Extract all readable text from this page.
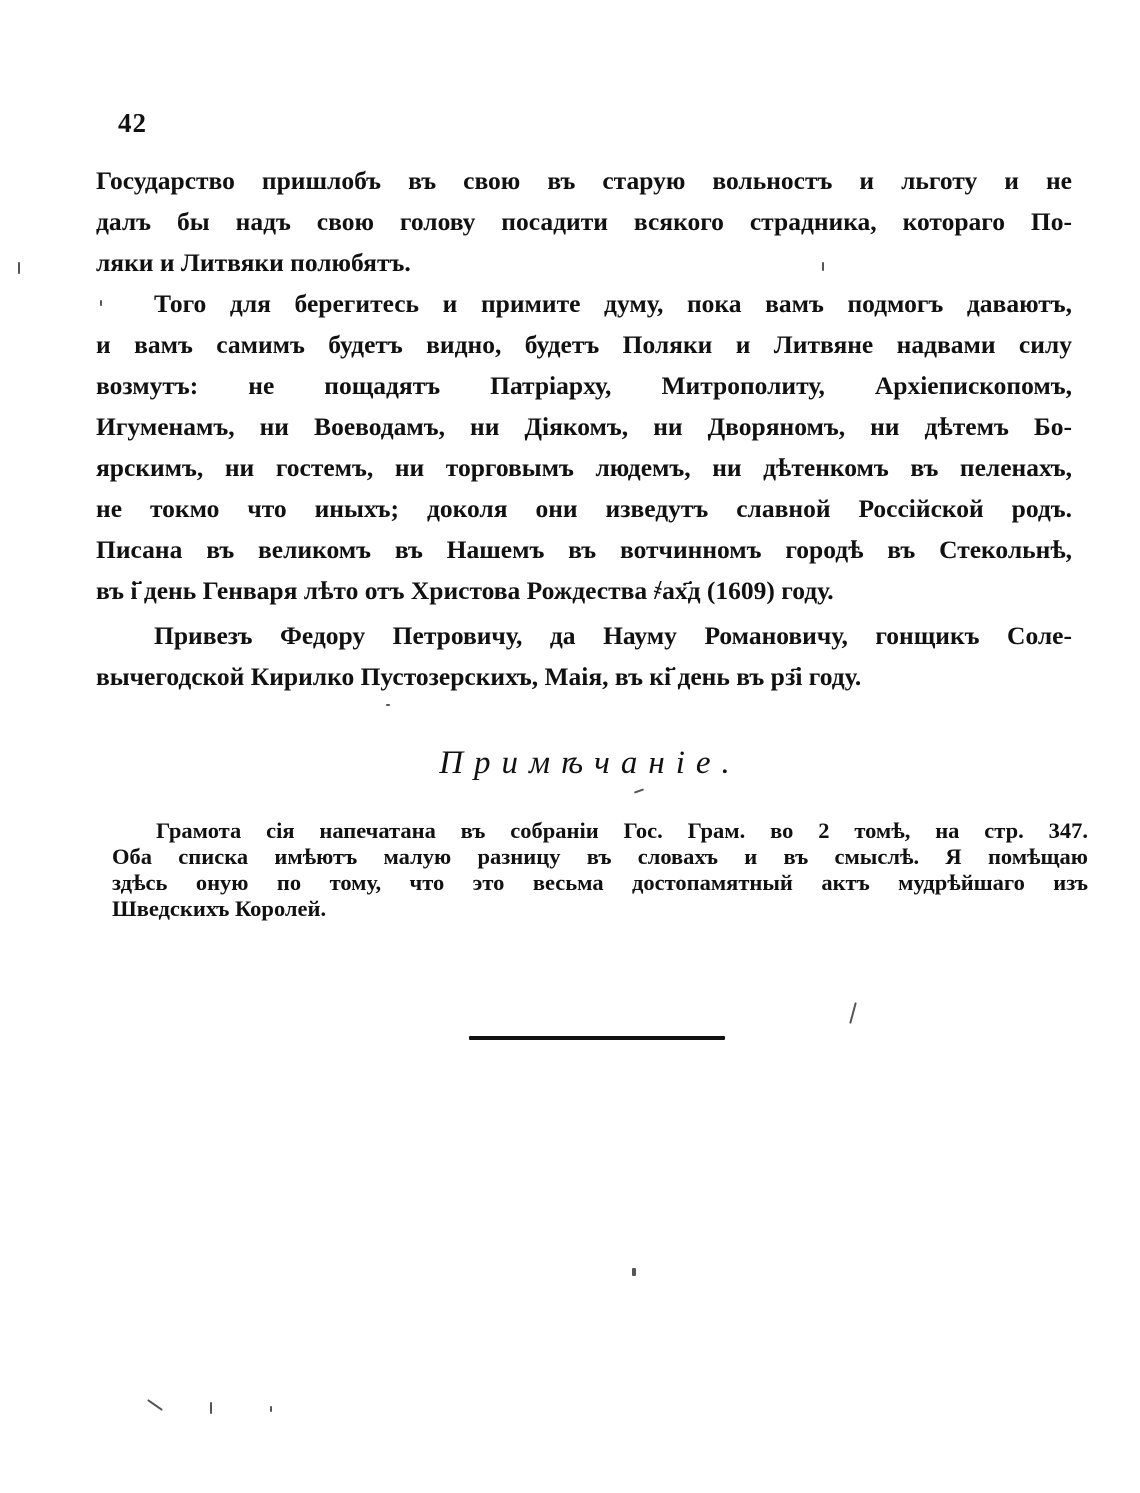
42
Государство пришлобъ въ свою въ старую вольностъ и льготу и не
далъ бы надъ свою голову посадити всякого страдника, котораго По-
ляки и Литвяки полюбятъ.
Того для берегитесь и примите думу, пока вамъ подмогъ даваютъ,
и вамъ самимъ будетъ видно, будетъ Поляки и Литвяне надвами силу
возмутъ: не пощадятъ Патріарху, Митрополиту, Архіепископомъ,
Игуменамъ, ни Воеводамъ, ни Діякомъ, ни Дворяномъ, ни дѣтемъ Бо-
ярскимъ, ни гостемъ, ни торговымъ людемъ, ни дѣтенкомъ въ пеленахъ,
не токмо что иныхъ; доколя они изведутъ славной Россійской родъ.
Писана въ великомъ въ Нашемъ въ вотчинномъ городѣ въ Стекольнѣ,
въ і҃ день Генваря лѣто отъ Христова Рождества ҂ах҃д (1609) году.
Привезъ Федору Петровичу, да Науму Романовичу, гонщикъ Соле-
вычегодской Кирилко Пустозерскихъ, Маія, въ кі҃ день въ рз҃і году.
Примѣчаніе.
Грамота сія напечатана въ собраніи Гос. Грам. во 2 томѣ, на стр. 347.
Оба списка имѣютъ малую разницу въ словахъ и въ смыслѣ. Я помѣщаю
здѣсь оную по тому, что это весьма достопамятный актъ мудрѣйшаго изъ
Шведскихъ Королей.
